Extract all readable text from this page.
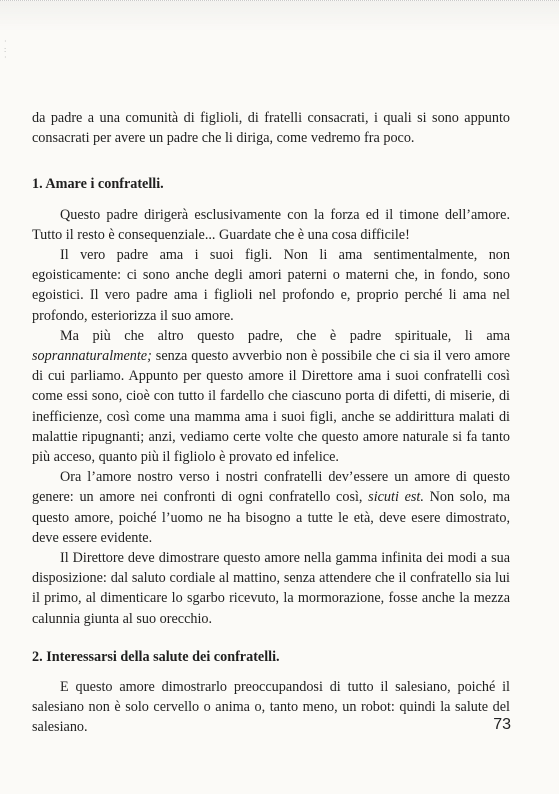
·
:
·

da padre a una comunità di figlioli, di fratelli consacrati, i quali si sono appunto consacrati per avere un padre che li diriga, come vedremo fra poco.

1. Amare i confratelli.

Questo padre dirigerà esclusivamente con la forza ed il timone dell’amore. Tutto il resto è consequenziale... Guardate che è una cosa difficile!

Il vero padre ama i suoi figli. Non li ama sentimentalmente, non egoisticamente: ci sono anche degli amori paterni o materni che, in fondo, sono egoistici. Il vero padre ama i figlioli nel profondo e, proprio perché li ama nel profondo, esteriorizza il suo amore.

Ma più che altro questo padre, che è padre spirituale, li ama soprannaturalmente; senza questo avverbio non è possibile che ci sia il vero amore di cui parliamo. Appunto per questo amore il Direttore ama i suoi confratelli così come essi sono, cioè con tutto il fardello che ciascuno porta di difetti, di miserie, di inefficienze, così come una mamma ama i suoi figli, anche se addirittura malati di malattie ripugnanti; anzi, vediamo certe volte che questo amore naturale si fa tanto più acceso, quanto più il figliolo è provato ed infelice.

Ora l’amore nostro verso i nostri confratelli dev’essere un amore di questo genere: un amore nei confronti di ogni confratello così, sicuti est. Non solo, ma questo amore, poiché l’uomo ne ha bisogno a tutte le età, deve esere dimostrato, deve essere evidente.

Il Direttore deve dimostrare questo amore nella gamma infinita dei modi a sua disposizione: dal saluto cordiale al mattino, senza attendere che il confratello sia lui il primo, al dimenticare lo sgarbo ricevuto, la mormorazione, fosse anche la mezza calunnia giunta al suo orecchio.

2. Interessarsi della salute dei confratelli.

E questo amore dimostrarlo preoccupandosi di tutto il salesiano, poiché il salesiano non è solo cervello o anima o, tanto meno, un robot: quindi la salute del salesiano.	73
